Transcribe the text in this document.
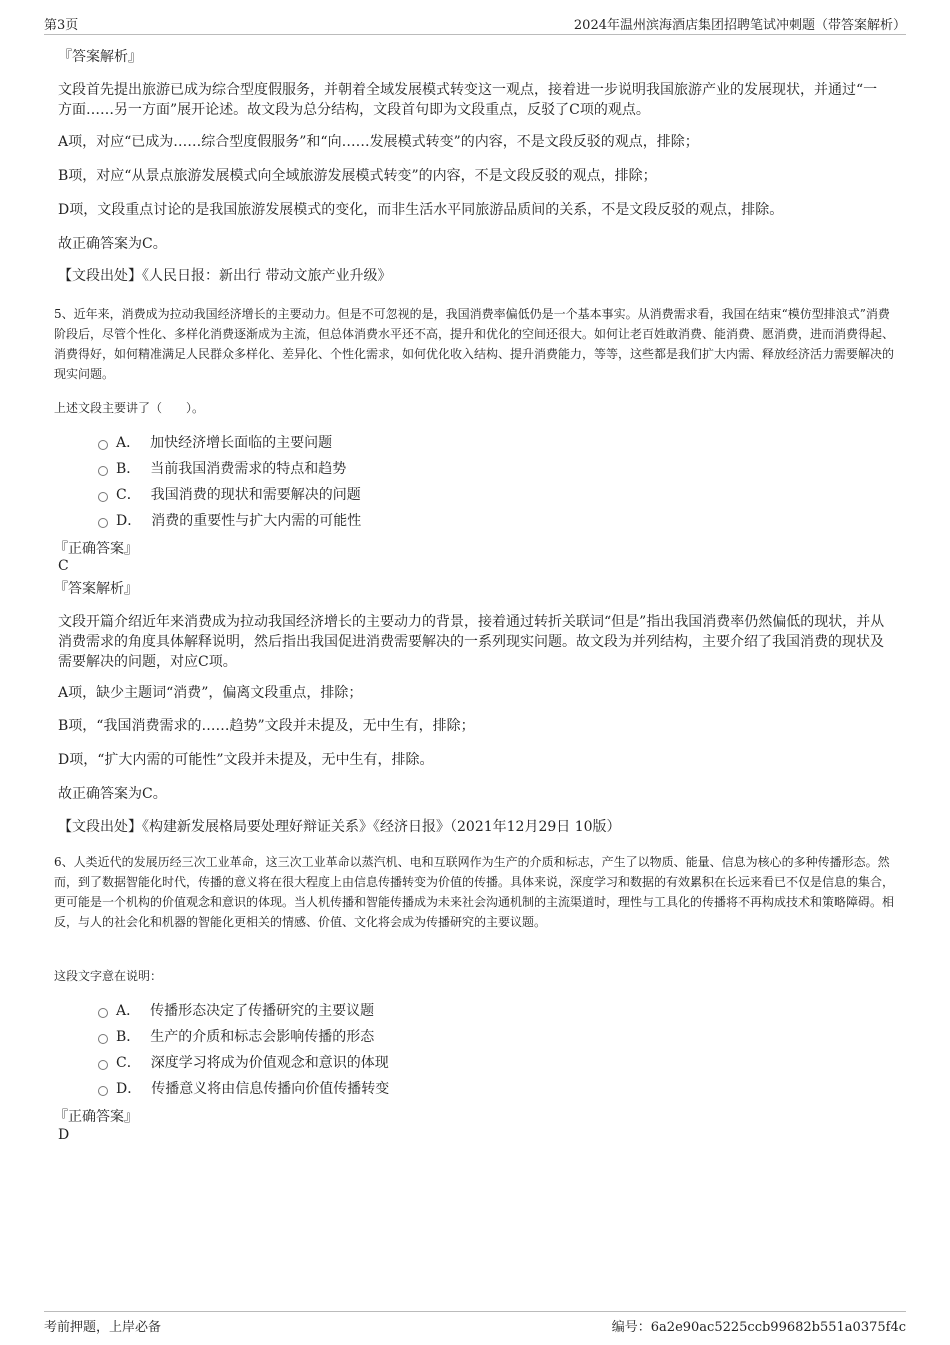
第3页	2024年温州滨海酒店集团招聘笔试冲刺题（带答案解析）
『答案解析』
文段首先提出旅游已成为综合型度假服务，并朝着全域发展模式转变这一观点，接着进一步说明我国旅游产业的发展现状，并通过“一方面……另一方面”展开论述。故文段为总分结构，文段首句即为文段重点，反驳了C项的观点。
A项，对应“已成为……综合型度假服务”和“向……发展模式转变”的内容，不是文段反驳的观点，排除；
B项，对应“从景点旅游发展模式向全域旅游发展模式转变”的内容，不是文段反驳的观点，排除；
D项，文段重点讨论的是我国旅游发展模式的变化，而非生活水平同旅游品质间的关系，不是文段反驳的观点，排除。
故正确答案为C。
【文段出处】《人民日报：新出行 带动文旅产业升级》
5、近年来，消费成为拉动我国经济增长的主要动力。但是不可忽视的是，我国消费率偏低仍是一个基本事实。从消费需求看，我国在结束“模仿型排浪式”消费阶段后，尽管个性化、多样化消费逐渐成为主流，但总体消费水平还不高，提升和优化的空间还很大。如何让老百姓敢消费、能消费、愿消费，进而消费得起、消费得好，如何精准满足人民群众多样化、差异化、个性化需求，如何优化收入结构、提升消费能力，等等，这些都是我们扩大内需、释放经济活力需要解决的现实问题。
上述文段主要讲了（　　）。
A． 加快经济增长面临的主要问题
B． 当前我国消费需求的特点和趋势
C． 我国消费的现状和需要解决的问题
D． 消费的重要性与扩大内需的可能性
『正确答案』
C
『答案解析』
文段开篇介绍近年来消费成为拉动我国经济增长的主要动力的背景，接着通过转折关联词“但是”指出我国消费率仍然偏低的现状，并从消费需求的角度具体解释说明，然后指出我国促进消费需要解决的一系列现实问题。故文段为并列结构，主要介绍了我国消费的现状及需要解决的问题，对应C项。
A项，缺少主题词“消费”，偏离文段重点，排除；
B项，“我国消费需求的……趋势”文段并未提及，无中生有，排除；
D项，“扩大内需的可能性”文段并未提及，无中生有，排除。
故正确答案为C。
【文段出处】《构建新发展格局要处理好辩证关系》《经济日报》（2021年12月29日 10版）
6、人类近代的发展历经三次工业革命，这三次工业革命以蒸汽机、电和互联网作为生产的介质和标志，产生了以物质、能量、信息为核心的多种传播形态。然而，到了数据智能化时代，传播的意义将在很大程度上由信息传播转变为价值的传播。具体来说，深度学习和数据的有效累积在长远来看已不仅是信息的集合，更可能是一个机构的价值观念和意识的体现。当人机传播和智能传播成为未来社会沟通机制的主流渠道时，理性与工具化的传播将不再构成技术和策略障碍。相反，与人的社会化和机器的智能化更相关的情感、价值、文化将会成为传播研究的主要议题。
这段文字意在说明：
A． 传播形态决定了传播研究的主要议题
B． 生产的介质和标志会影响传播的形态
C． 深度学习将成为价值观念和意识的体现
D． 传播意义将由信息传播向价值传播转变
『正确答案』
D
考前押题，上岸必备	编号：6a2e90ac5225ccb99682b551a0375f4c
